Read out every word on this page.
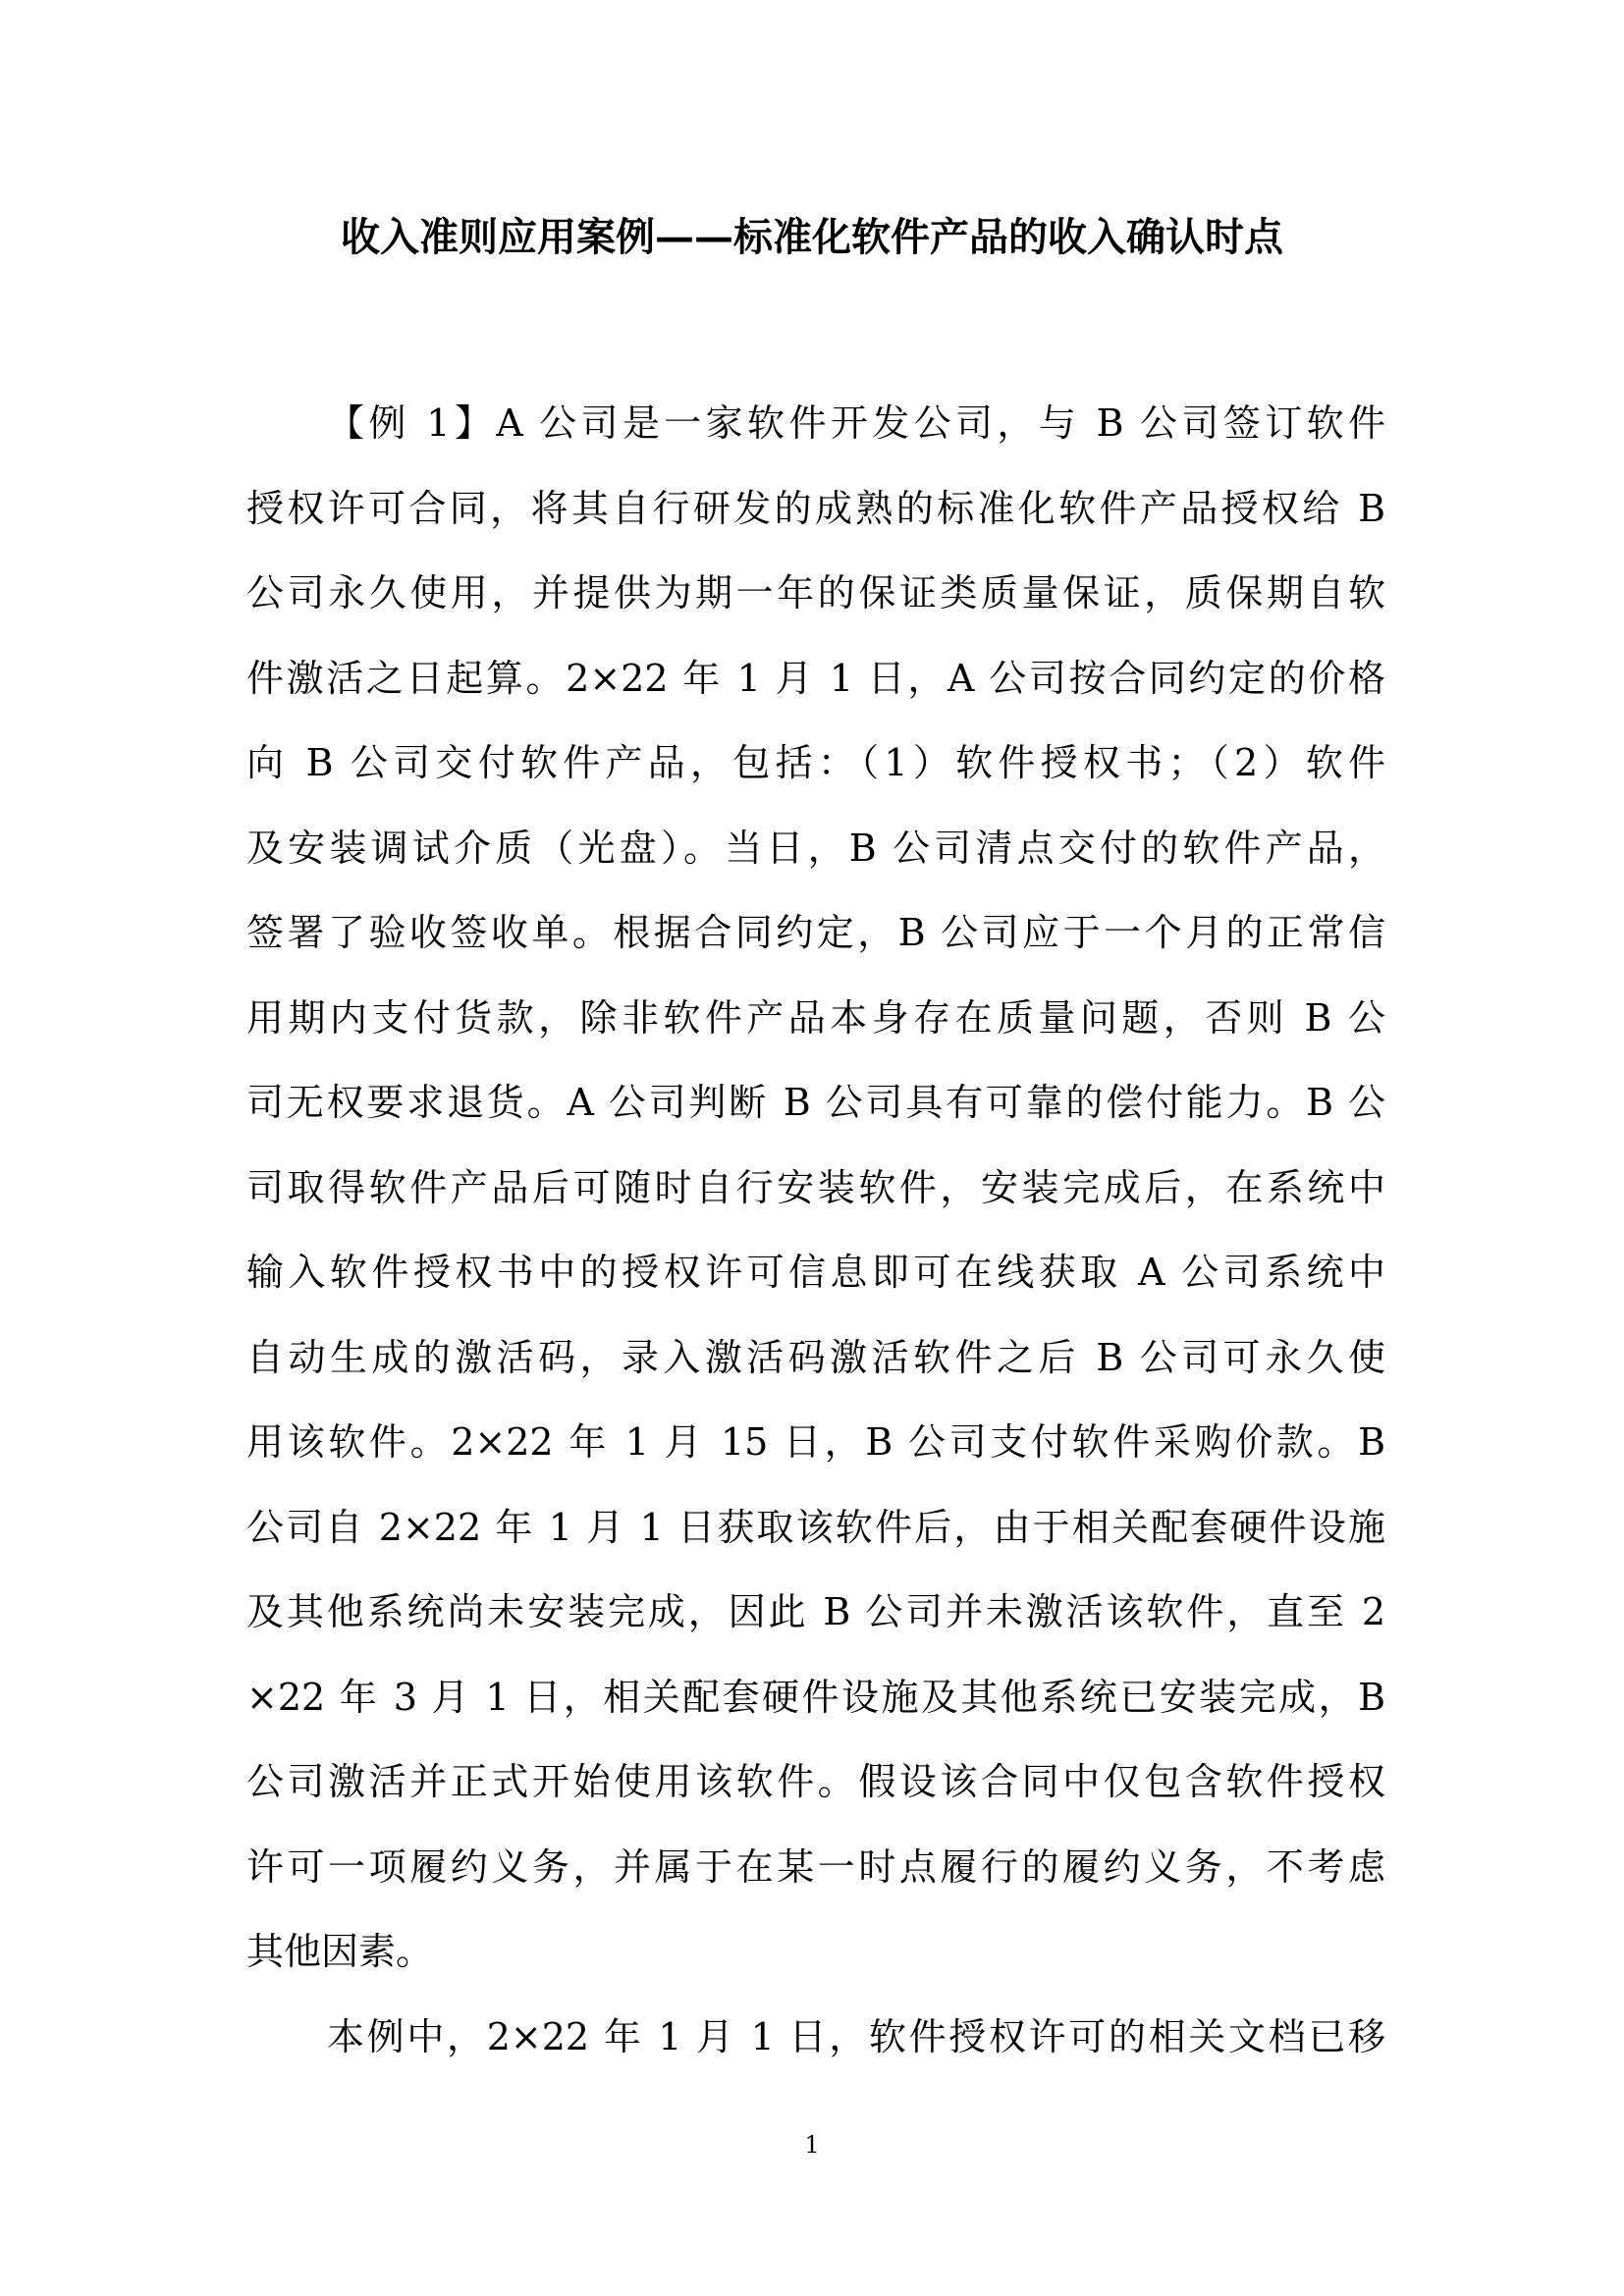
收入准则应用案例——标准化软件产品的收入确认时点
【例 1】A 公司是一家软件开发公司，与 B 公司签订软件
授权许可合同，将其自行研发的成熟的标准化软件产品授权给 B
公司永久使用，并提供为期一年的保证类质量保证，质保期自软
件激活之日起算。2×22 年 1 月 1 日，A 公司按合同约定的价格
向 B 公司交付软件产品，包括：（1）软件授权书；（2）软件
及安装调试介质（光盘）。当日，B 公司清点交付的软件产品，
签署了验收签收单。根据合同约定，B 公司应于一个月的正常信
用期内支付货款，除非软件产品本身存在质量问题，否则 B 公
司无权要求退货。A 公司判断 B 公司具有可靠的偿付能力。B 公
司取得软件产品后可随时自行安装软件，安装完成后，在系统中
输入软件授权书中的授权许可信息即可在线获取 A 公司系统中
自动生成的激活码，录入激活码激活软件之后 B 公司可永久使
用该软件。2×22 年 1 月 15 日，B 公司支付软件采购价款。B
公司自 2×22 年 1 月 1 日获取该软件后，由于相关配套硬件设施
及其他系统尚未安装完成，因此 B 公司并未激活该软件，直至 2
×22 年 3 月 1 日，相关配套硬件设施及其他系统已安装完成，B
公司激活并正式开始使用该软件。假设该合同中仅包含软件授权
许可一项履约义务，并属于在某一时点履行的履约义务，不考虑
其他因素。
本例中，2×22 年 1 月 1 日，软件授权许可的相关文档已移
1
